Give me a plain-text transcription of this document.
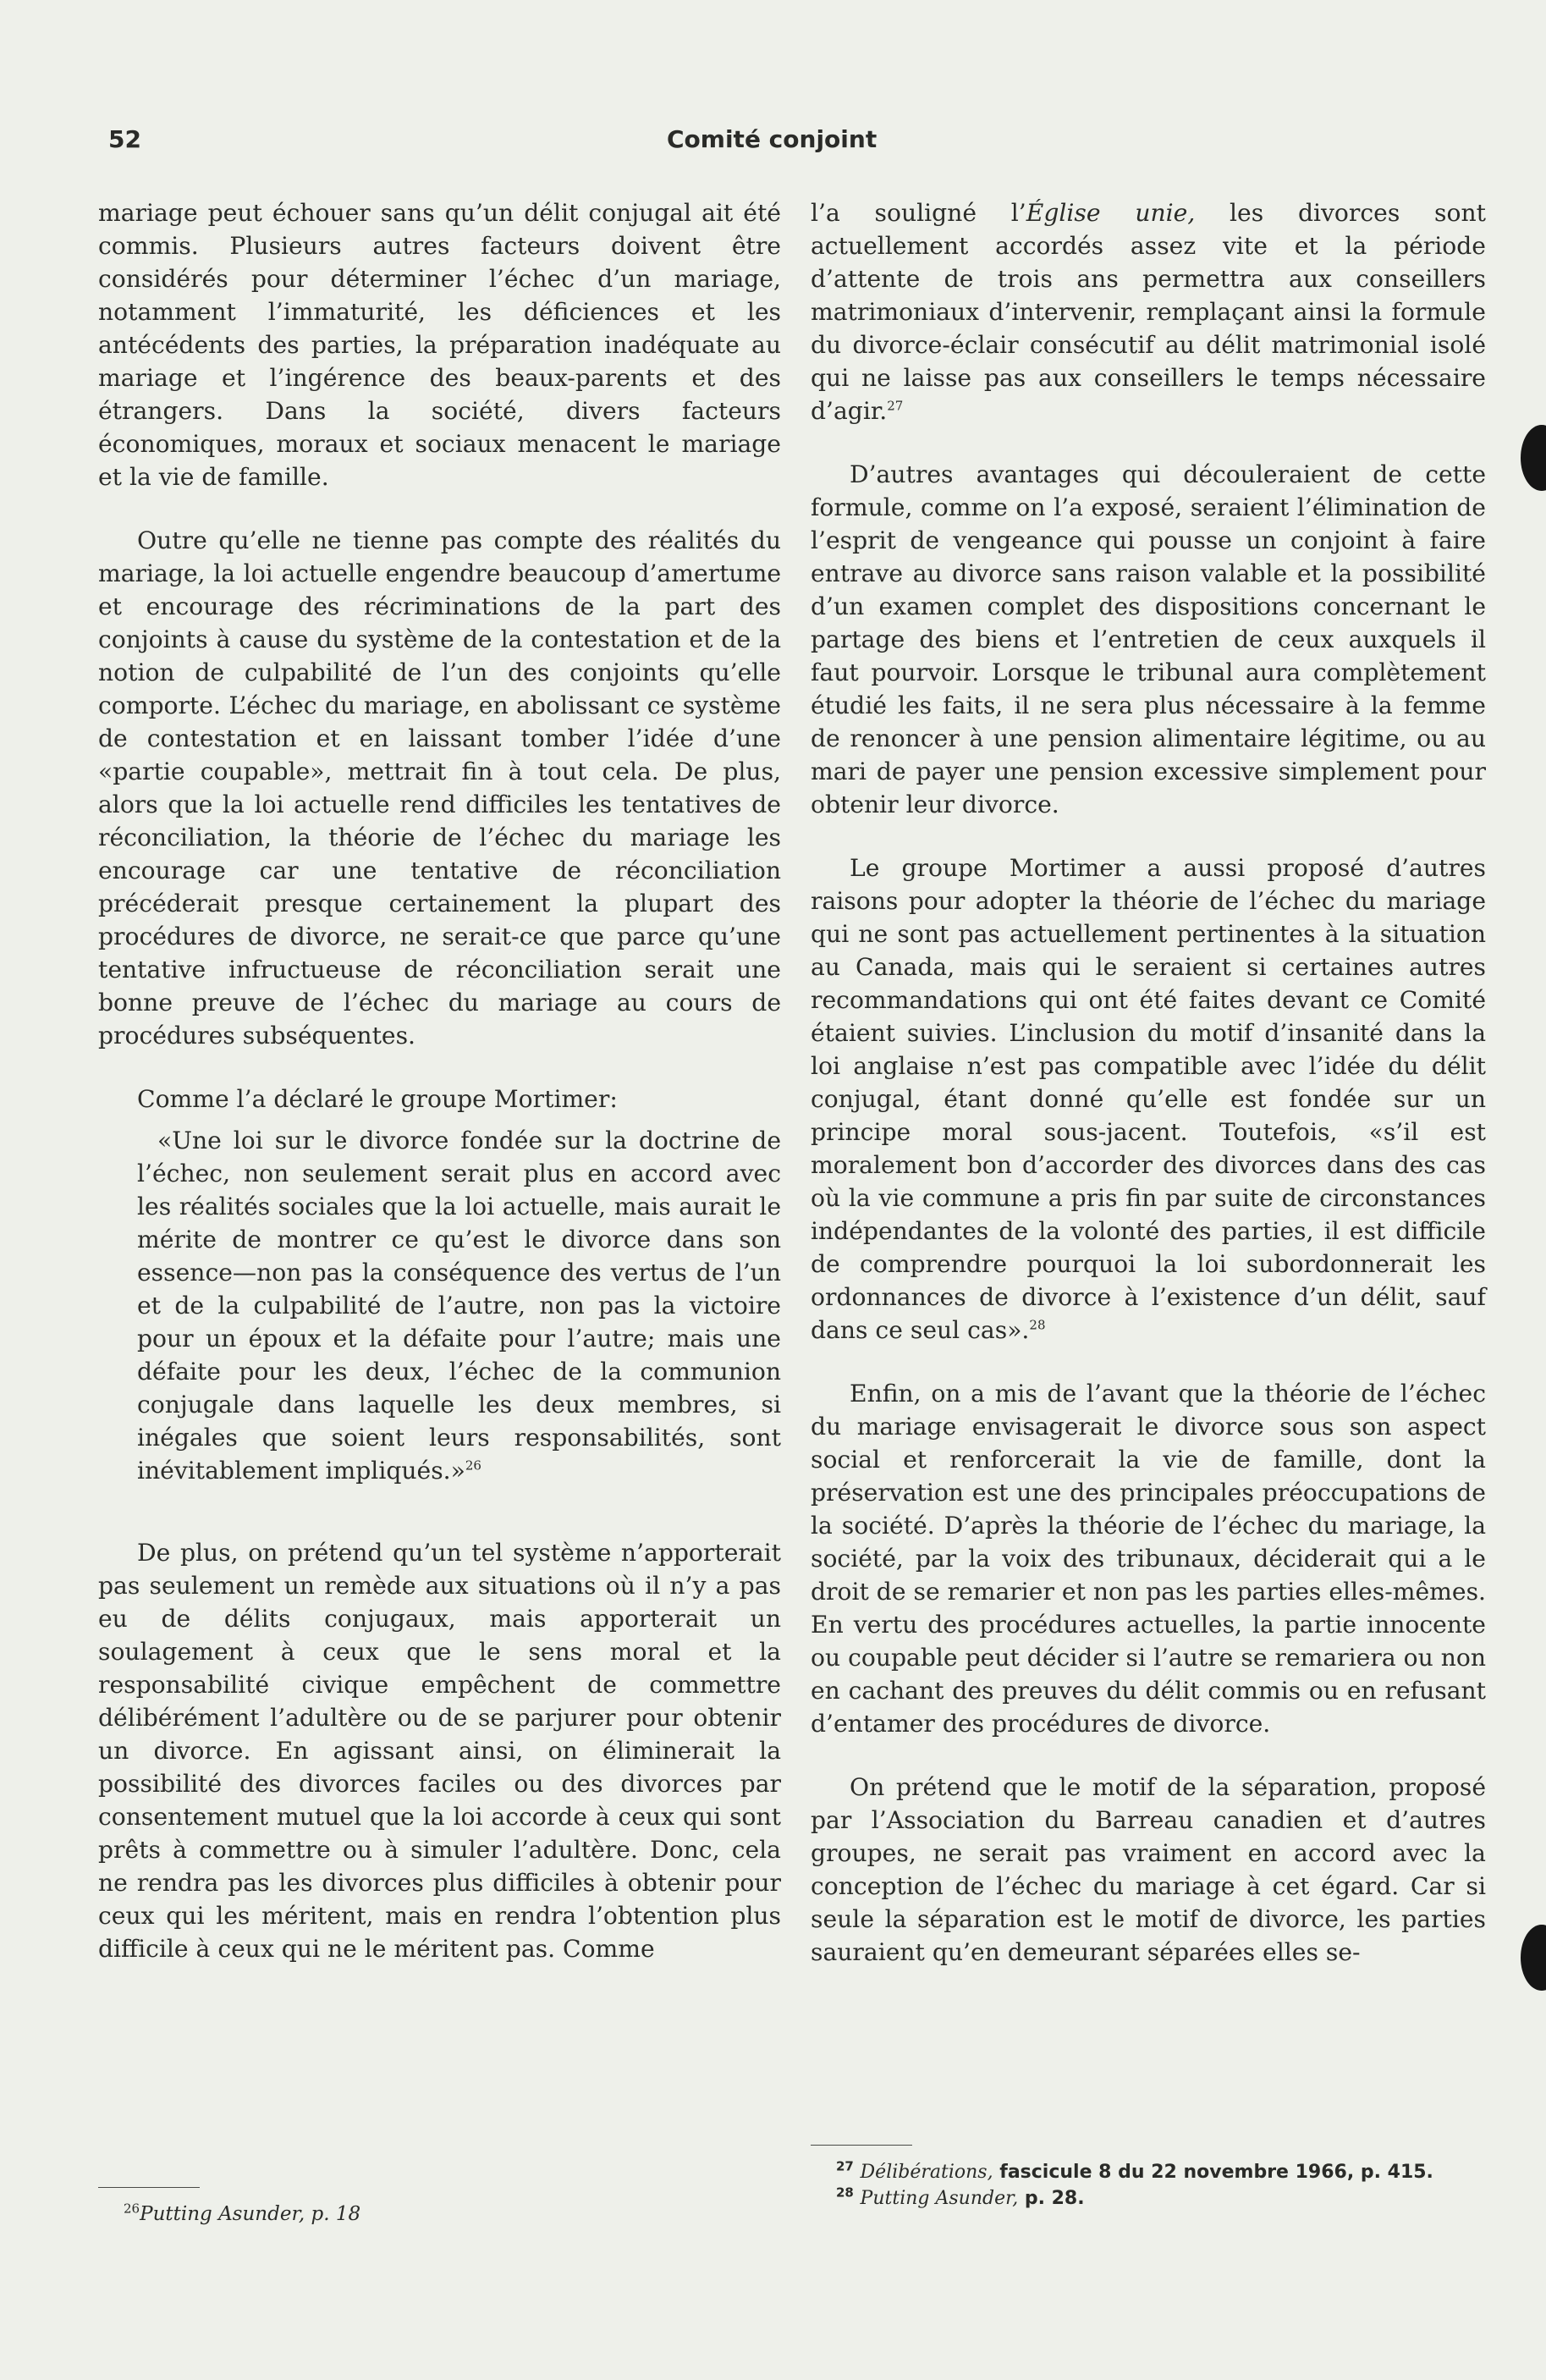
52	Comité conjoint

mariage peut échouer sans qu’un délit conjugal ait été commis. Plusieurs autres facteurs doivent être considérés pour déterminer l’échec d’un mariage, notamment l’immaturité, les déficiences et les antécédents des parties, la préparation inadéquate au mariage et l’ingérence des beaux-parents et des étrangers. Dans la société, divers facteurs économiques, moraux et sociaux menacent le mariage et la vie de famille.

Outre qu’elle ne tienne pas compte des réalités du mariage, la loi actuelle engendre beaucoup d’amertume et encourage des récriminations de la part des conjoints à cause du système de la contestation et de la notion de culpabilité de l’un des conjoints qu’elle comporte. L’échec du mariage, en abolissant ce système de contestation et en laissant tomber l’idée d’une «partie coupable», mettrait fin à tout cela. De plus, alors que la loi actuelle rend difficiles les tentatives de réconciliation, la théorie de l’échec du mariage les encourage car une tentative de réconciliation précéderait presque certainement la plupart des procédures de divorce, ne serait-ce que parce qu’une tentative infructueuse de réconciliation serait une bonne preuve de l’échec du mariage au cours de procédures subséquentes.

Comme l’a déclaré le groupe Mortimer:

«Une loi sur le divorce fondée sur la doctrine de l’échec, non seulement serait plus en accord avec les réalités sociales que la loi actuelle, mais aurait le mérite de montrer ce qu’est le divorce dans son essence—non pas la conséquence des vertus de l’un et de la culpabilité de l’autre, non pas la victoire pour un époux et la défaite pour l’autre; mais une défaite pour les deux, l’échec de la communion conjugale dans laquelle les deux membres, si inégales que soient leurs responsabilités, sont inévitablement impliqués.»$^{26}$

De plus, on prétend qu’un tel système n’apporterait pas seulement un remède aux situations où il n’y a pas eu de délits conjugaux, mais apporterait un soulagement à ceux que le sens moral et la responsabilité civique empêchent de commettre délibérément l’adultère ou de se parjurer pour obtenir un divorce. En agissant ainsi, on éliminerait la possibilité des divorces faciles ou des divorces par consentement mutuel que la loi accorde à ceux qui sont prêts à commettre ou à simuler l’adultère. Donc, cela ne rendra pas les divorces plus difficiles à obtenir pour ceux qui les méritent, mais en rendra l’obtention plus difficile à ceux qui ne le méritent pas. Comme

l’a souligné l’Église unie, les divorces sont actuellement accordés assez vite et la période d’attente de trois ans permettra aux conseillers matrimoniaux d’intervenir, remplaçant ainsi la formule du divorce-éclair consécutif au délit matrimonial isolé qui ne laisse pas aux conseillers le temps nécessaire d’agir.$^{27}$

D’autres avantages qui découleraient de cette formule, comme on l’a exposé, seraient l’élimination de l’esprit de vengeance qui pousse un conjoint à faire entrave au divorce sans raison valable et la possibilité d’un examen complet des dispositions concernant le partage des biens et l’entretien de ceux auxquels il faut pourvoir. Lorsque le tribunal aura complètement étudié les faits, il ne sera plus nécessaire à la femme de renoncer à une pension alimentaire légitime, ou au mari de payer une pension excessive simplement pour obtenir leur divorce.

Le groupe Mortimer a aussi proposé d’autres raisons pour adopter la théorie de l’échec du mariage qui ne sont pas actuellement pertinentes à la situation au Canada, mais qui le seraient si certaines autres recommandations qui ont été faites devant ce Comité étaient suivies. L’inclusion du motif d’insanité dans la loi anglaise n’est pas compatible avec l’idée du délit conjugal, étant donné qu’elle est fondée sur un principe moral sous-jacent. Toutefois, «s’il est moralement bon d’accorder des divorces dans des cas où la vie commune a pris fin par suite de circonstances indépendantes de la volonté des parties, il est difficile de comprendre pourquoi la loi subordonnerait les ordonnances de divorce à l’existence d’un délit, sauf dans ce seul cas».$^{28}$

Enfin, on a mis de l’avant que la théorie de l’échec du mariage envisagerait le divorce sous son aspect social et renforcerait la vie de famille, dont la préservation est une des principales préoccupations de la société. D’après la théorie de l’échec du mariage, la société, par la voix des tribunaux, déciderait qui a le droit de se remarier et non pas les parties elles-mêmes. En vertu des procédures actuelles, la partie innocente ou coupable peut décider si l’autre se remariera ou non en cachant des preuves du délit commis ou en refusant d’entamer des procédures de divorce.

On prétend que le motif de la séparation, proposé par l’Association du Barreau canadien et d’autres groupes, ne serait pas vraiment en accord avec la conception de l’échec du mariage à cet égard. Car si seule la séparation est le motif de divorce, les parties sauraient qu’en demeurant séparées elles se-

$^{26}$Putting Asunder, p. 18
$^{27}$ Délibérations, fascicule 8 du 22 novembre 1966, p. 415.
$^{28}$ Putting Asunder, p. 28.
